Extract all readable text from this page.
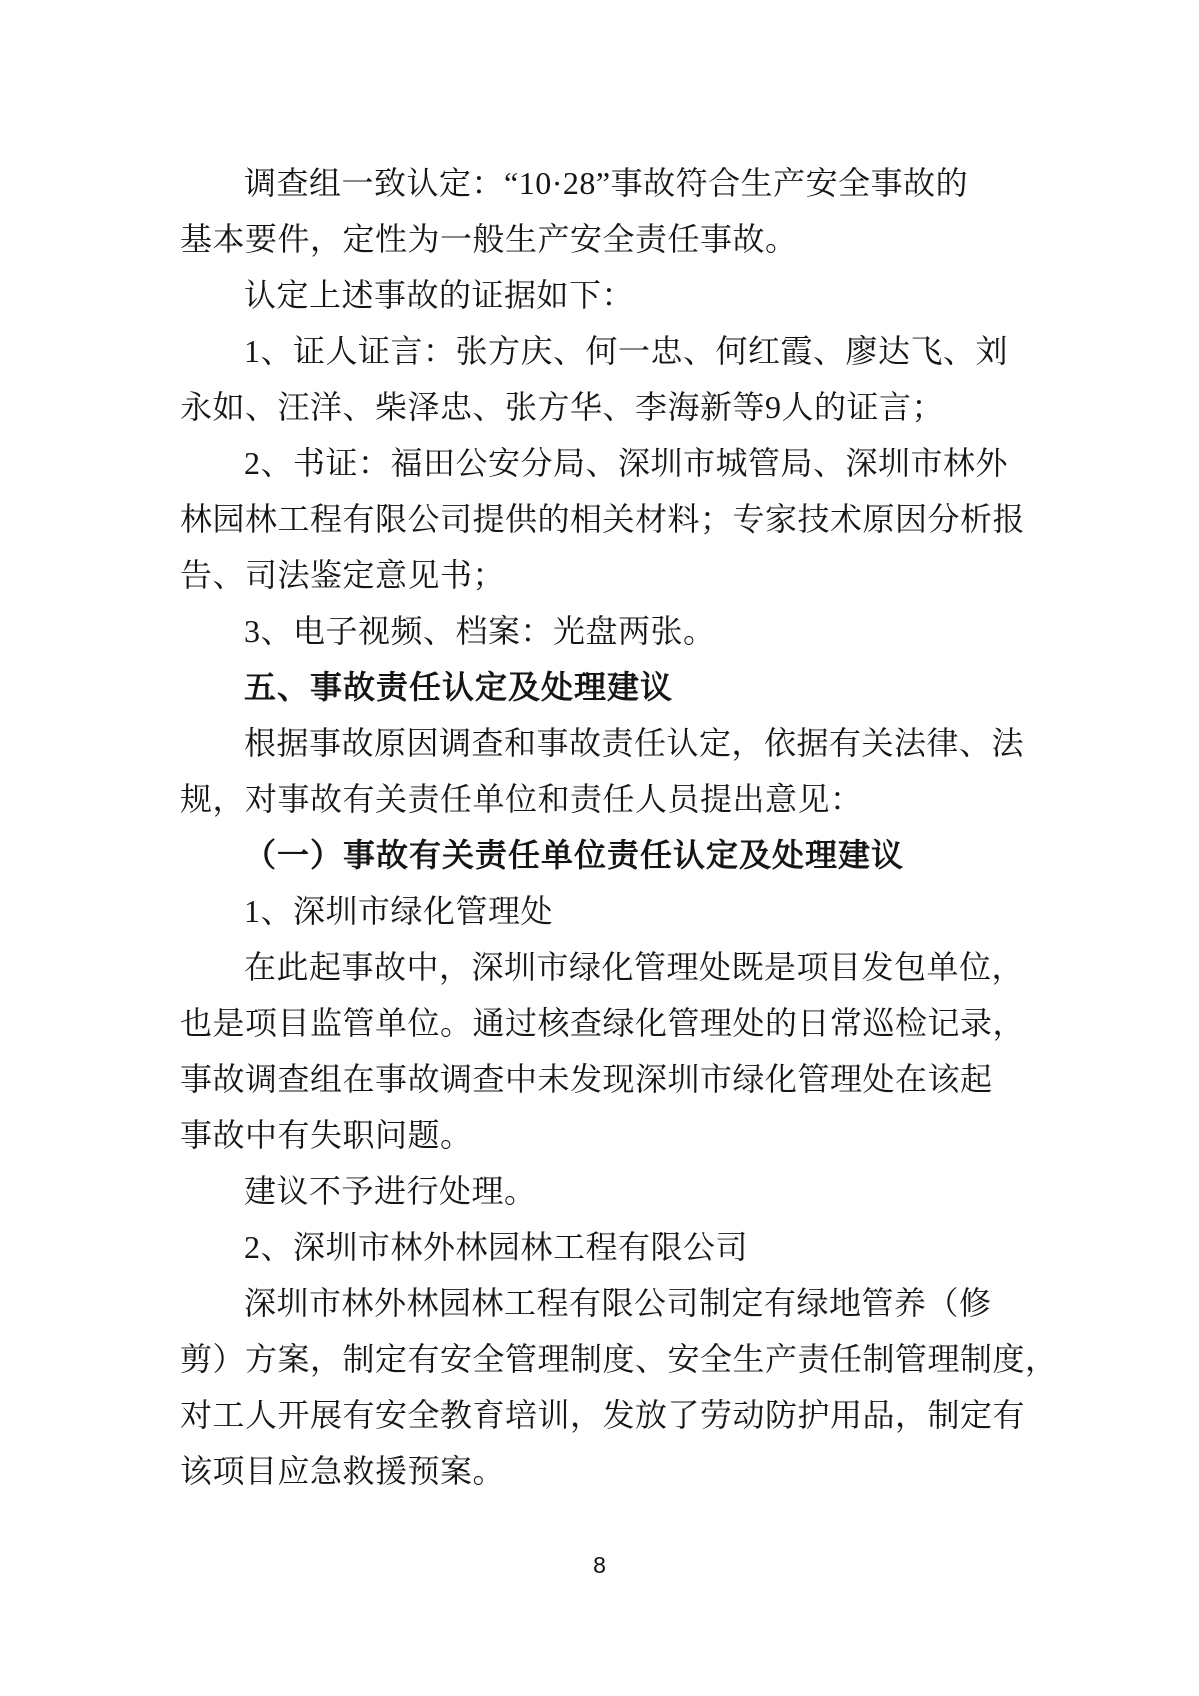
调查组一致认定：“10·28”事故符合生产安全事故的
基本要件，定性为一般生产安全责任事故。
认定上述事故的证据如下：
1、证人证言：张方庆、何一忠、何红霞、廖达飞、刘
永如、汪洋、柴泽忠、张方华、李海新等9人的证言；
2、书证：福田公安分局、深圳市城管局、深圳市林外
林园林工程有限公司提供的相关材料；专家技术原因分析报
告、司法鉴定意见书；
3、电子视频、档案：光盘两张。
五、事故责任认定及处理建议
根据事故原因调查和事故责任认定，依据有关法律、法
规，对事故有关责任单位和责任人员提出意见：
（一）事故有关责任单位责任认定及处理建议
1、深圳市绿化管理处
在此起事故中，深圳市绿化管理处既是项目发包单位，
也是项目监管单位。通过核查绿化管理处的日常巡检记录，
事故调查组在事故调查中未发现深圳市绿化管理处在该起
事故中有失职问题。
建议不予进行处理。
2、深圳市林外林园林工程有限公司
深圳市林外林园林工程有限公司制定有绿地管养（修
剪）方案，制定有安全管理制度、安全生产责任制管理制度，
对工人开展有安全教育培训，发放了劳动防护用品，制定有
该项目应急救援预案。
8
